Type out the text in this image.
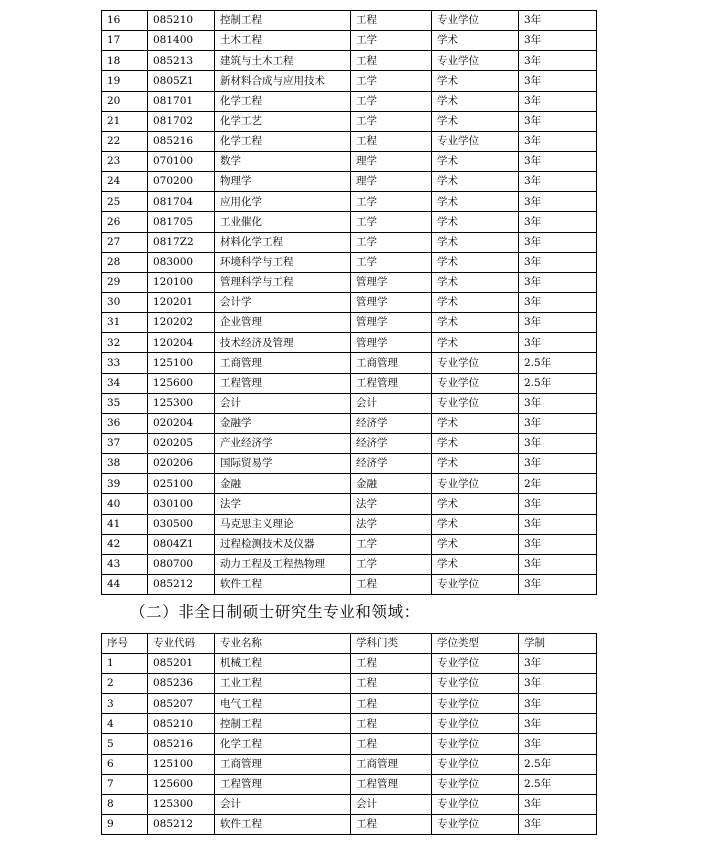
16	085210	控制工程	工程	专业学位	3年
17	081400	土木工程	工学	学术	3年
18	085213	建筑与土木工程	工程	专业学位	3年
19	0805Z1	新材料合成与应用技术	工学	学术	3年
20	081701	化学工程	工学	学术	3年
21	081702	化学工艺	工学	学术	3年
22	085216	化学工程	工程	专业学位	3年
23	070100	数学	理学	学术	3年
24	070200	物理学	理学	学术	3年
25	081704	应用化学	工学	学术	3年
26	081705	工业催化	工学	学术	3年
27	0817Z2	材料化学工程	工学	学术	3年
28	083000	环境科学与工程	工学	学术	3年
29	120100	管理科学与工程	管理学	学术	3年
30	120201	会计学	管理学	学术	3年
31	120202	企业管理	管理学	学术	3年
32	120204	技术经济及管理	管理学	学术	3年
33	125100	工商管理	工商管理	专业学位	2.5年
34	125600	工程管理	工程管理	专业学位	2.5年
35	125300	会计	会计	专业学位	3年
36	020204	金融学	经济学	学术	3年
37	020205	产业经济学	经济学	学术	3年
38	020206	国际贸易学	经济学	学术	3年
39	025100	金融	金融	专业学位	2年
40	030100	法学	法学	学术	3年
41	030500	马克思主义理论	法学	学术	3年
42	0804Z1	过程检测技术及仪器	工学	学术	3年
43	080700	动力工程及工程热物理	工学	学术	3年
44	085212	软件工程	工程	专业学位	3年
（二）非全日制硕士研究生专业和领域：
序号	专业代码	专业名称	学科门类	学位类型	学制
1	085201	机械工程	工程	专业学位	3年
2	085236	工业工程	工程	专业学位	3年
3	085207	电气工程	工程	专业学位	3年
4	085210	控制工程	工程	专业学位	3年
5	085216	化学工程	工程	专业学位	3年
6	125100	工商管理	工商管理	专业学位	2.5年
7	125600	工程管理	工程管理	专业学位	2.5年
8	125300	会计	会计	专业学位	3年
9	085212	软件工程	工程	专业学位	3年
